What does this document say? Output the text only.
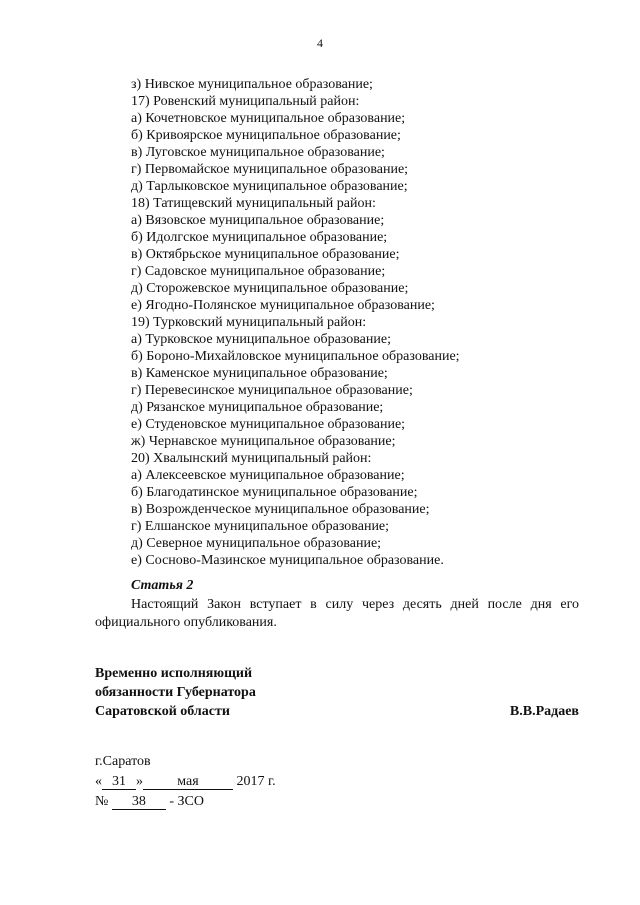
4
з) Нивское муниципальное образование;
17) Ровенский муниципальный район:
а) Кочетновское муниципальное образование;
б) Кривоярское муниципальное образование;
в) Луговское муниципальное образование;
г) Первомайское муниципальное образование;
д) Тарлыковское муниципальное образование;
18) Татищевский муниципальный район:
а) Вязовское муниципальное образование;
б) Идолгское муниципальное образование;
в) Октябрьское муниципальное образование;
г) Садовское муниципальное образование;
д) Сторожевское муниципальное образование;
е) Ягодно-Полянское муниципальное образование;
19) Турковский муниципальный район:
а) Турковское муниципальное образование;
б) Бороно-Михайловское муниципальное образование;
в) Каменское муниципальное образование;
г) Перевесинское муниципальное образование;
д) Рязанское муниципальное образование;
е) Студеновское муниципальное образование;
ж) Чернавское муниципальное образование;
20) Хвалынский муниципальный район:
а) Алексеевское муниципальное образование;
б) Благодатинское муниципальное образование;
в) Возрожденческое муниципальное образование;
г) Елшанское муниципальное образование;
д) Северное муниципальное образование;
е) Сосново-Мазинское муниципальное образование.
Статья 2
Настоящий Закон вступает в силу через десять дней после дня его
официального опубликования.
Временно исполняющий
обязанности Губернатора
Саратовской области	В.В.Радаев
г.Саратов
« 31 » мая	2017 г.
№ 38 - ЗСО
